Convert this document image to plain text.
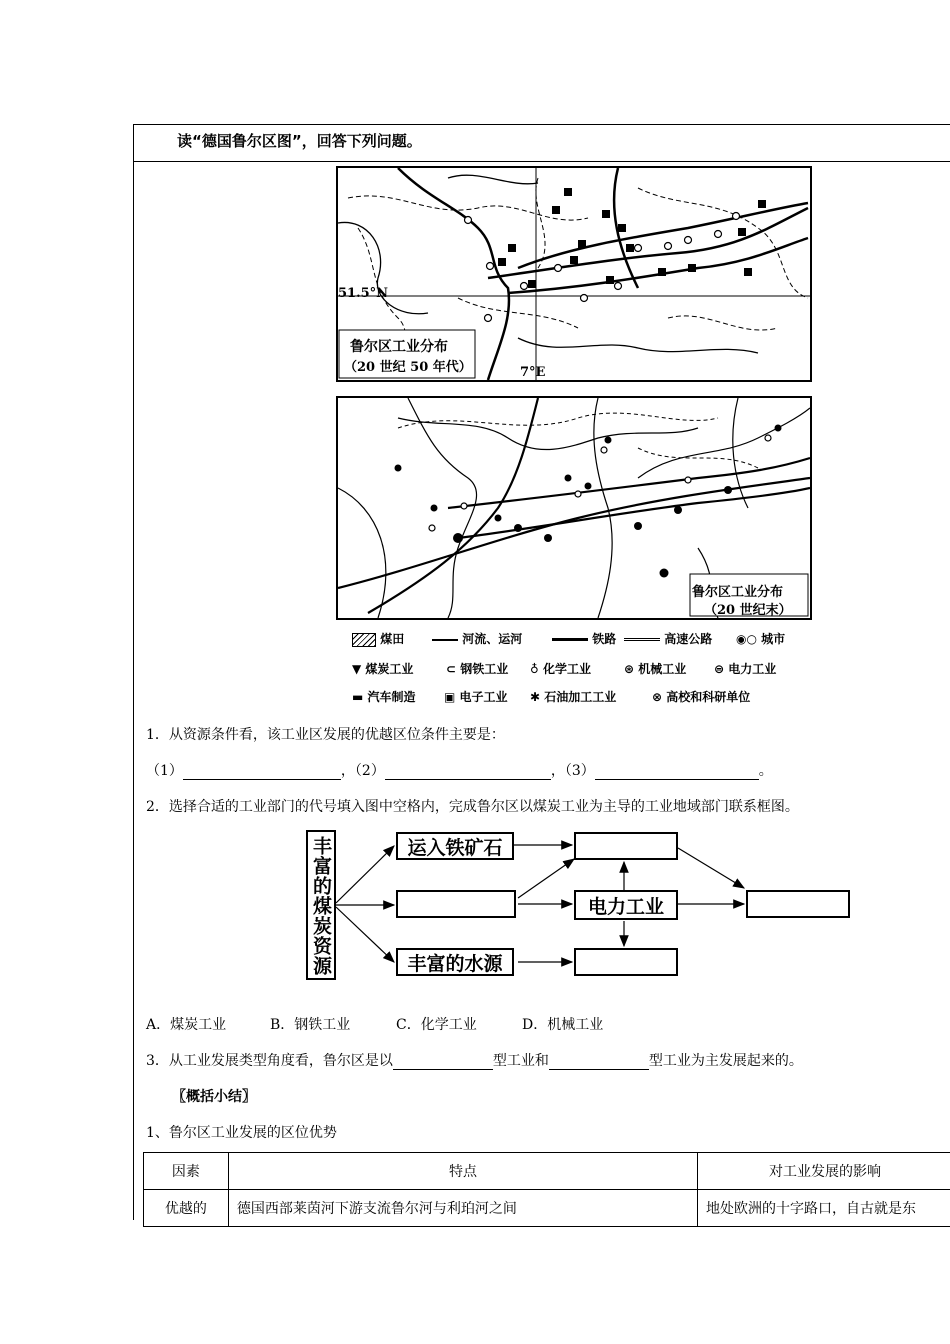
读“德国鲁尔区图”，回答下列问题。
51.5°N
7°E
鲁尔区工业分布
（20 世纪 50 年代）
鲁尔区工业分布
（20 世纪末）
煤田	河流、运河	铁路	高速公路 ◉○ 城市
▼ 煤炭工业	⊂ 钢铁工业 ♁ 化学工业	⊛ 机械工业 ⊜ 电力工业
▬ 汽车制造 ▣ 电子工业 ✱ 石油加工工业	⊗ 高校和科研单位
1．从资源条件看，该工业区发展的优越区位条件主要是：
（1）	，（2）	，（3）	。
2．选择合适的工业部门的代号填入图中空格内，完成鲁尔区以煤炭工业为主导的工业地域部门联系框图。
丰富的煤炭资源	运入铁矿石
丰富的水源
电力工业
A．煤炭工业	B．钢铁工业	C．化学工业	D．机械工业
3．从工业发展类型角度看，鲁尔区是以	型工业和	型工业为主发展起来的。
〖概括小结〗
1、鲁尔区工业发展的区位优势
因素	特点	对工业发展的影响
优越的	德国西部莱茵河下游支流鲁尔河与利珀河之间	地处欧洲的十字路口，自古就是东
